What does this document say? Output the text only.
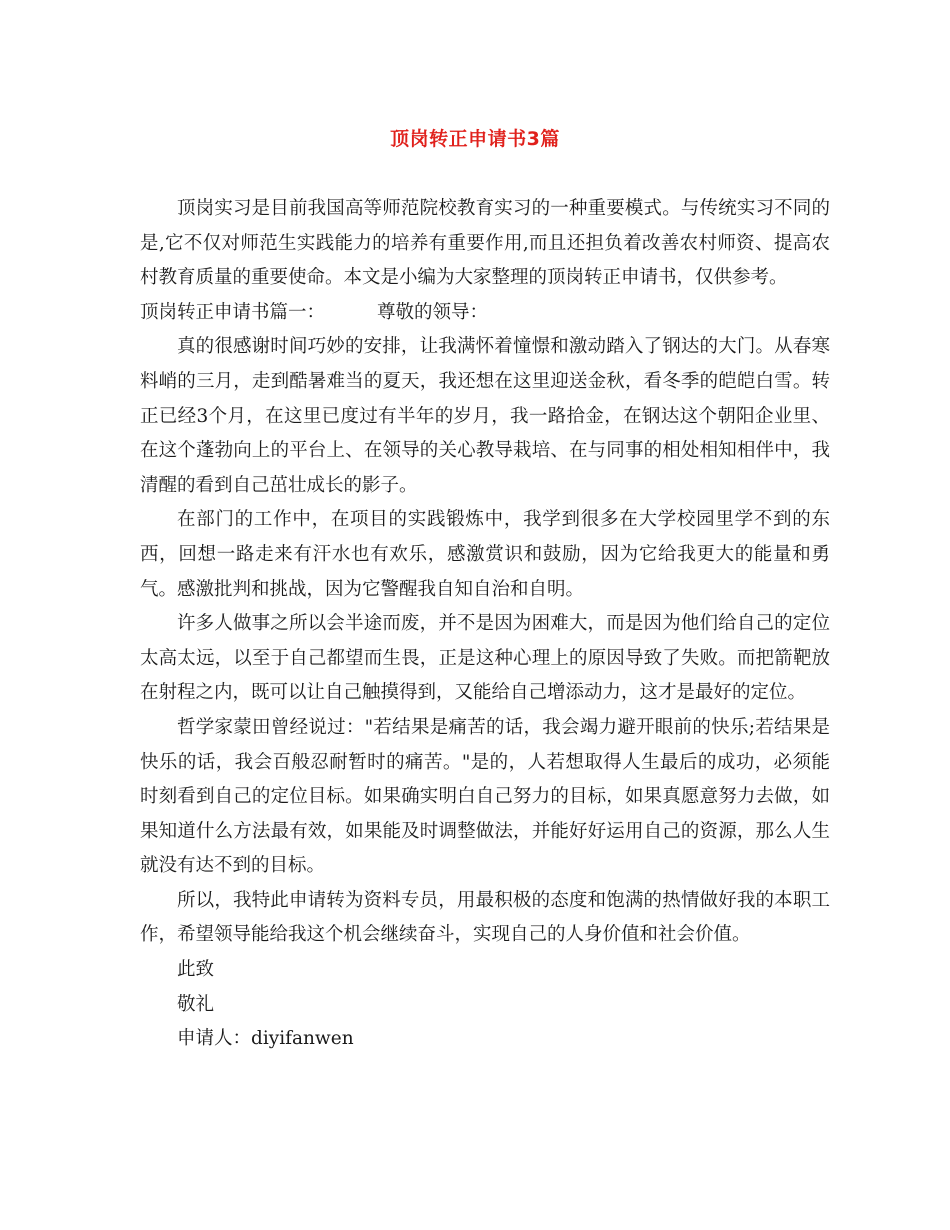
顶岗转正申请书3篇

顶岗实习是目前我国高等师范院校教育实习的一种重要模式。与传统实习不同的是,它不仅对师范生实践能力的培养有重要作用,而且还担负着改善农村师资、提高农村教育质量的重要使命。本文是小编为大家整理的顶岗转正申请书，仅供参考。

顶岗转正申请书篇一：	尊敬的领导：

真的很感谢时间巧妙的安排，让我满怀着憧憬和激动踏入了钢达的大门。从春寒料峭的三月，走到酷暑难当的夏天，我还想在这里迎送金秋，看冬季的皑皑白雪。转正已经3个月，在这里已度过有半年的岁月，我一路拾金，在钢达这个朝阳企业里、在这个蓬勃向上的平台上、在领导的关心教导栽培、在与同事的相处相知相伴中，我清醒的看到自己茁壮成长的影子。

在部门的工作中，在项目的实践锻炼中，我学到很多在大学校园里学不到的东西，回想一路走来有汗水也有欢乐，感激赏识和鼓励，因为它给我更大的能量和勇气。感激批判和挑战，因为它警醒我自知自治和自明。

许多人做事之所以会半途而废，并不是因为困难大，而是因为他们给自己的定位太高太远，以至于自己都望而生畏，正是这种心理上的原因导致了失败。而把箭靶放在射程之内，既可以让自己触摸得到，又能给自己增添动力，这才是最好的定位。

哲学家蒙田曾经说过："若结果是痛苦的话，我会竭力避开眼前的快乐;若结果是快乐的话，我会百般忍耐暂时的痛苦。"是的，人若想取得人生最后的成功，必须能时刻看到自己的定位目标。如果确实明白自己努力的目标，如果真愿意努力去做，如果知道什么方法最有效，如果能及时调整做法，并能好好运用自己的资源，那么人生就没有达不到的目标。

所以，我特此申请转为资料专员，用最积极的态度和饱满的热情做好我的本职工作，希望领导能给我这个机会继续奋斗，实现自己的人身价值和社会价值。

此致

敬礼

申请人：diyifanwen
